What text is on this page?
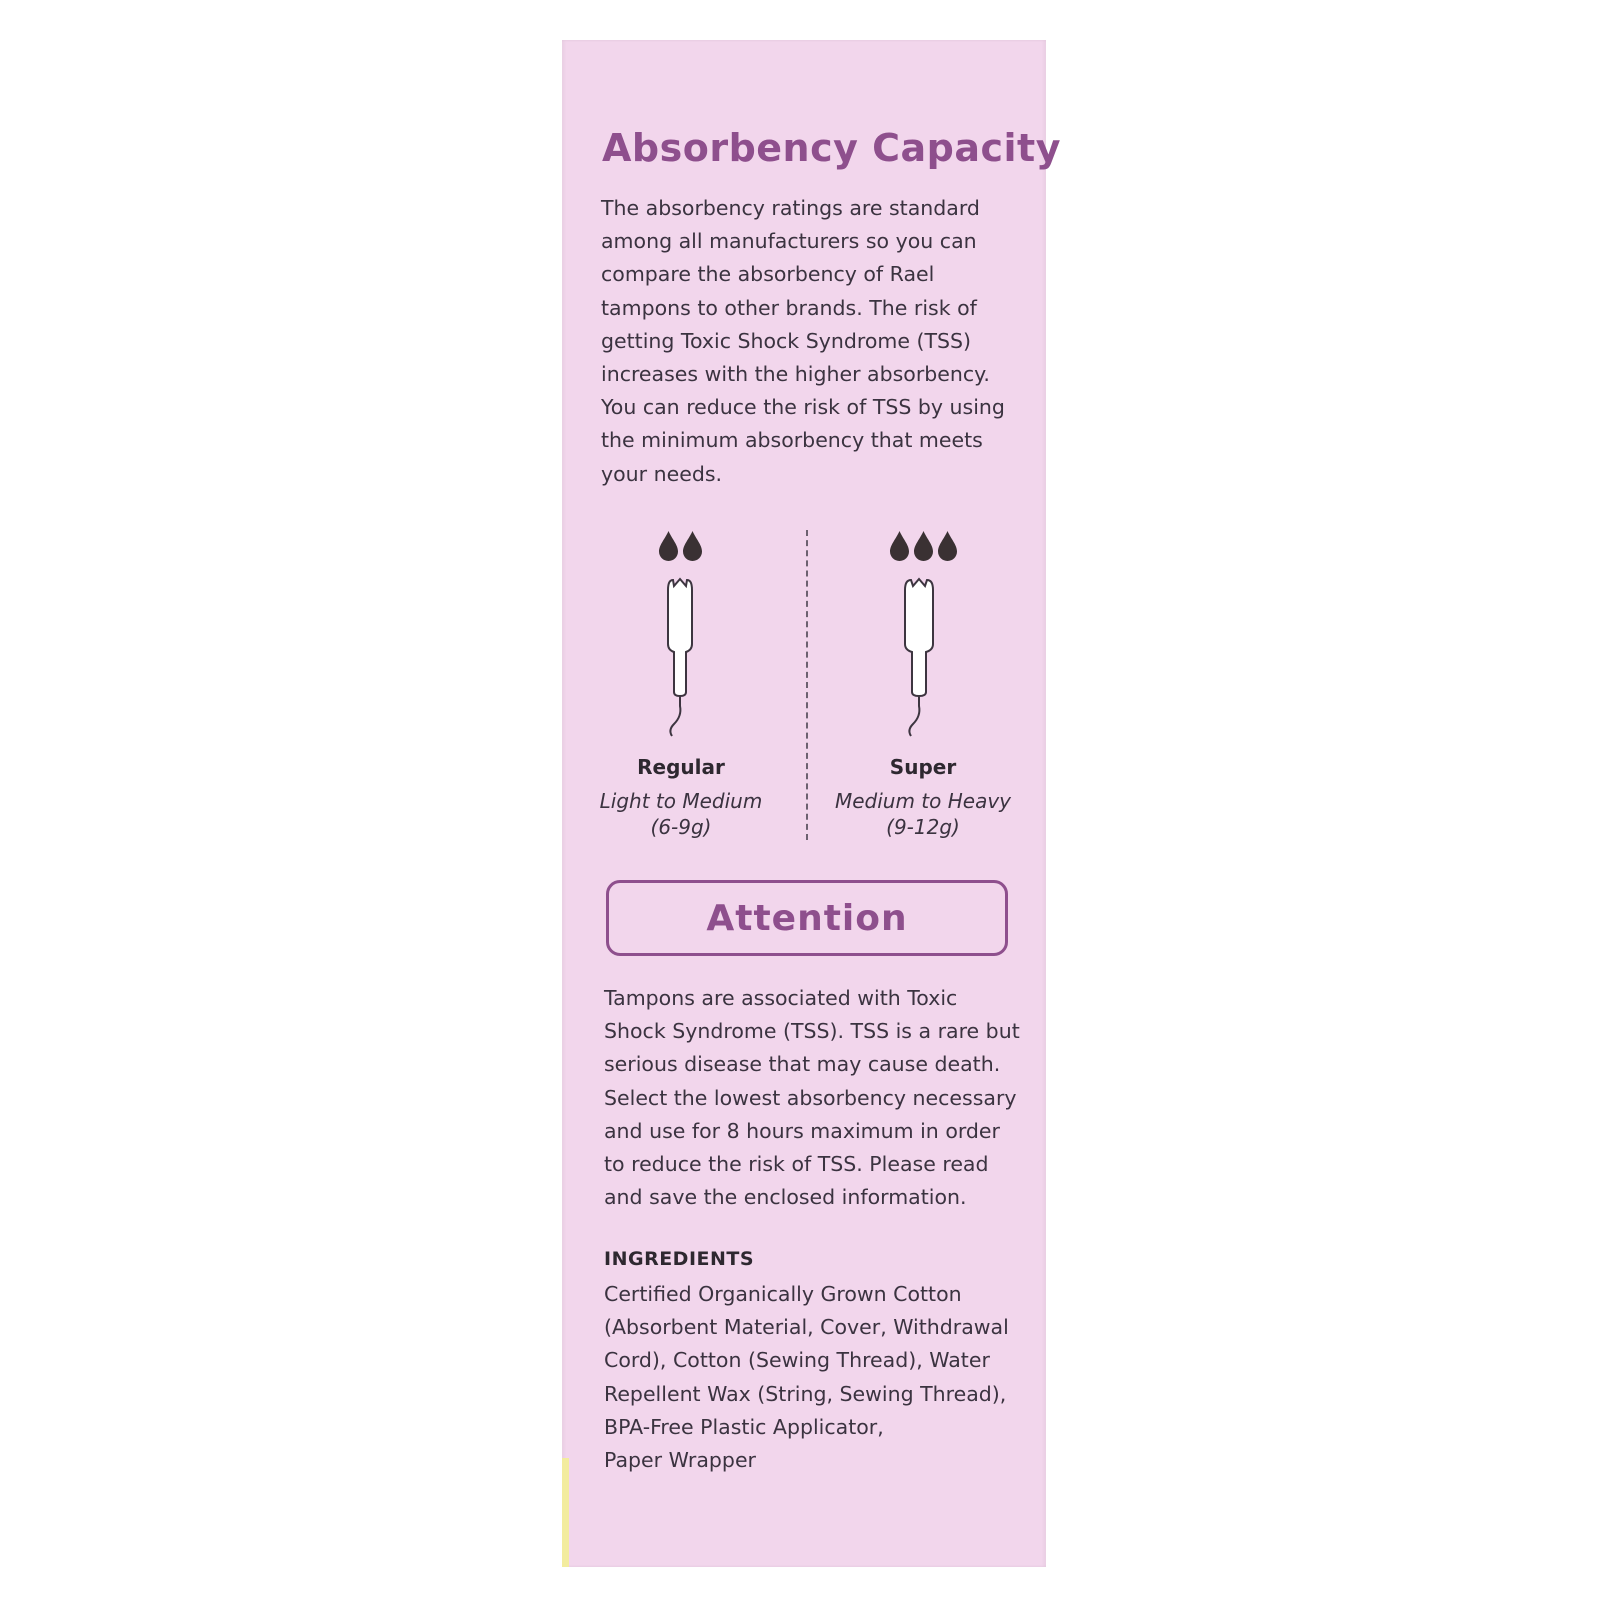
Absorbency Capacity

The absorbency ratings are standard
among all manufacturers so you can
compare the absorbency of Rael
tampons to other brands. The risk of
getting Toxic Shock Syndrome (TSS)
increases with the higher absorbency.
You can reduce the risk of TSS by using
the minimum absorbency that meets
your needs.

Regular
Light to Medium
(6-9g)
Super
Medium to Heavy
(9-12g)
Attention

Tampons are associated with Toxic
Shock Syndrome (TSS). TSS is a rare but
serious disease that may cause death.
Select the lowest absorbency necessary
and use for 8 hours maximum in order
to reduce the risk of TSS. Please read
and save the enclosed information.

INGREDIENTS

Certified Organically Grown Cotton
(Absorbent Material, Cover, Withdrawal
Cord), Cotton (Sewing Thread), Water
Repellent Wax (String, Sewing Thread),
BPA-Free Plastic Applicator,
Paper Wrapper
